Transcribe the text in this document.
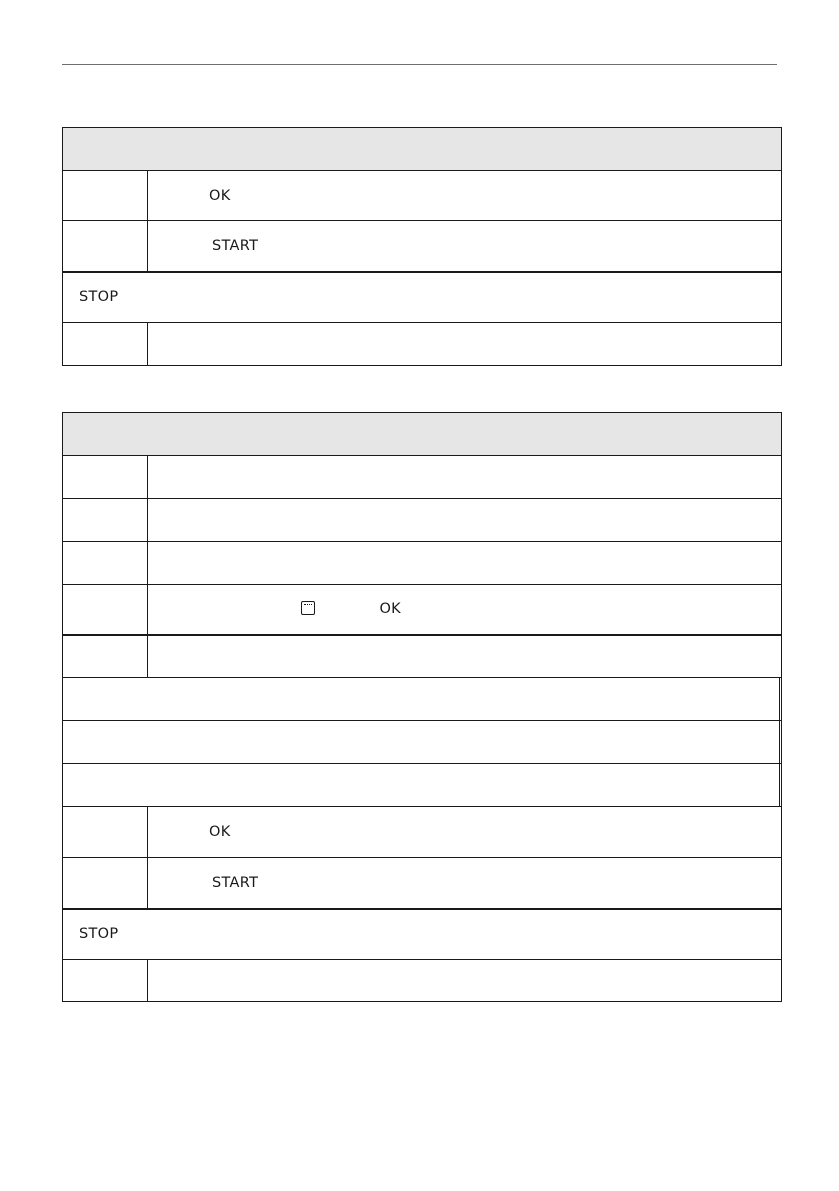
	OK
	START
STOP	

	OK	

	OK	
	START	
STOP		
